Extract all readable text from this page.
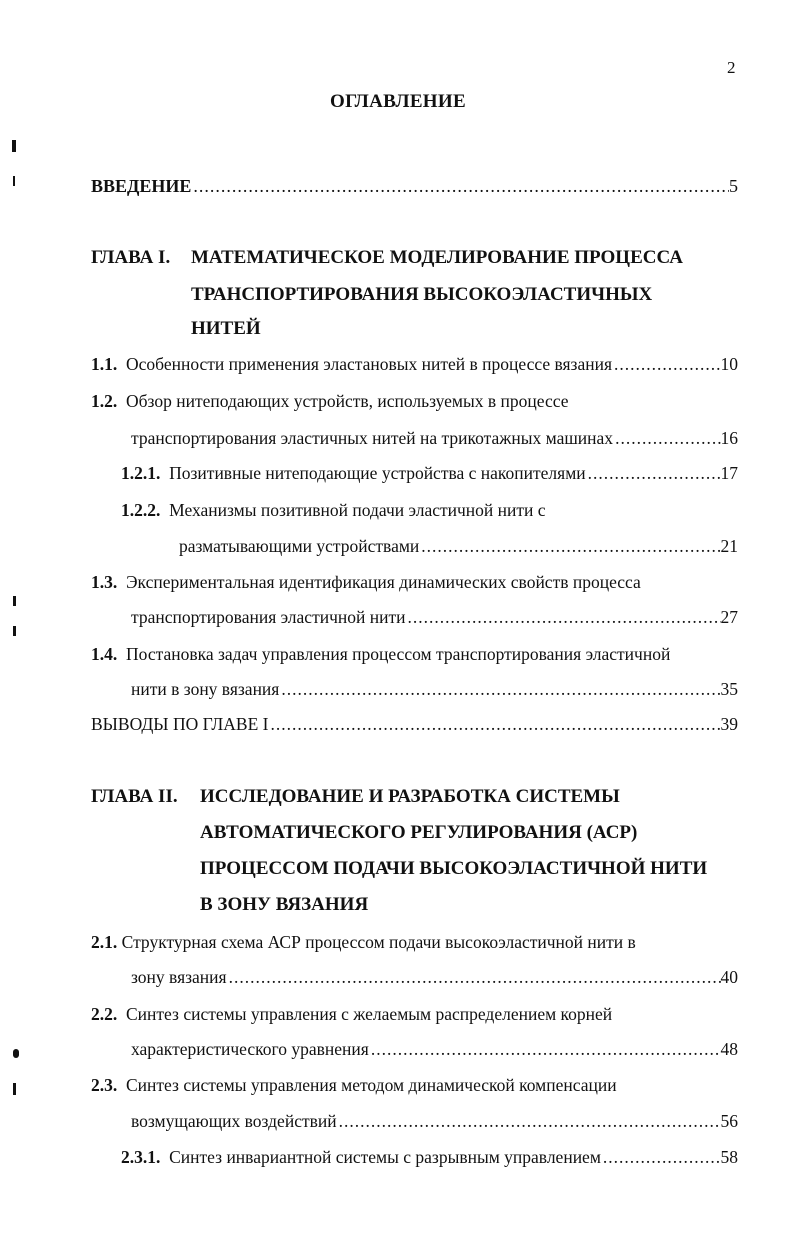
2
ОГЛАВЛЕНИЕ
ВВЕДЕНИЕ .....	5
ГЛАВА I. МАТЕМАТИЧЕСКОЕ МОДЕЛИРОВАНИЕ ПРОЦЕССА
ТРАНСПОРТИРОВАНИЯ ВЫСОКОЭЛАСТИЧНЫХ
НИТЕЙ
1.1. Особенности применения эластановых нитей в процессе вязания .....	10
1.2. Обзор нитеподающих устройств, используемых в процессе
транспортирования эластичных нитей на трикотажных машинах .....	16
1.2.1. Позитивные нитеподающие устройства с накопителями .....	17
1.2.2. Механизмы позитивной подачи эластичной нити с
разматывающими устройствами .....	21
1.3. Экспериментальная идентификация динамических свойств процесса
транспортирования эластичной нити .....	27
1.4. Постановка задач управления процессом транспортирования эластичной
нити в зону вязания .....	35
ВЫВОДЫ ПО ГЛАВЕ I .....	39
ГЛАВА II. ИССЛЕДОВАНИЕ И РАЗРАБОТКА СИСТЕМЫ
АВТОМАТИЧЕСКОГО РЕГУЛИРОВАНИЯ (АСР)
ПРОЦЕССОМ ПОДАЧИ ВЫСОКОЭЛАСТИЧНОЙ НИТИ
В ЗОНУ ВЯЗАНИЯ
2.1. Структурная схема АСР процессом подачи высокоэластичной нити в
зону вязания .....	40
2.2. Синтез системы управления с желаемым распределением корней
характеристического уравнения .....	48
2.3. Синтез системы управления методом динамической компенсации
возмущающих воздействий .....	56
2.3.1. Синтез инвариантной системы с разрывным управлением .....	58
